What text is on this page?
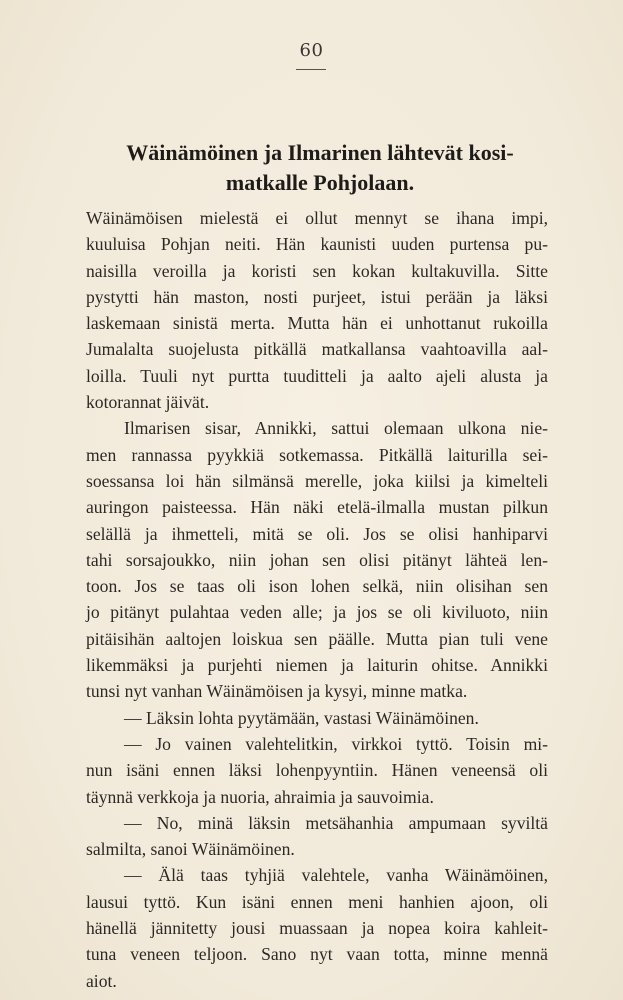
60
Wäinämöinen ja Ilmarinen lähtevät kosi-
matkalle Pohjolaan.
Wäinämöisen mielestä ei ollut mennyt se ihana impi,
kuuluisa Pohjan neiti. Hän kaunisti uuden purtensa pu-
naisilla veroilla ja koristi sen kokan kultakuvilla. Sitte
pystytti hän maston, nosti purjeet, istui perään ja läksi
laskemaan sinistä merta. Mutta hän ei unhottanut rukoilla
Jumalalta suojelusta pitkällä matkallansa vaahtoavilla aal-
loilla. Tuuli nyt purtta tuuditteli ja aalto ajeli alusta ja
kotorannat jäivät.
Ilmarisen sisar, Annikki, sattui olemaan ulkona nie-
men rannassa pyykkiä sotkemassa. Pitkällä laiturilla sei-
soessansa loi hän silmänsä merelle, joka kiilsi ja kimelteli
auringon paisteessa. Hän näki etelä-ilmalla mustan pilkun
selällä ja ihmetteli, mitä se oli. Jos se olisi hanhiparvi
tahi sorsajoukko, niin johan sen olisi pitänyt lähteä len-
toon. Jos se taas oli ison lohen selkä, niin olisihan sen
jo pitänyt pulahtaa veden alle; ja jos se oli kiviluoto, niin
pitäisihän aaltojen loiskua sen päälle. Mutta pian tuli vene
likemmäksi ja purjehti niemen ja laiturin ohitse. Annikki
tunsi nyt vanhan Wäinämöisen ja kysyi, minne matka.
— Läksin lohta pyytämään, vastasi Wäinämöinen.
— Jo vainen valehtelitkin, virkkoi tyttö. Toisin mi-
nun isäni ennen läksi lohenpyyntiin. Hänen veneensä oli
täynnä verkkoja ja nuoria, ahraimia ja sauvoimia.
— No, minä läksin metsähanhia ampumaan syviltä
salmilta, sanoi Wäinämöinen.
— Älä taas tyhjiä valehtele, vanha Wäinämöinen,
lausui tyttö. Kun isäni ennen meni hanhien ajoon, oli
hänellä jännitetty jousi muassaan ja nopea koira kahleit-
tuna veneen teljoon. Sano nyt vaan totta, minne mennä
aiot.
